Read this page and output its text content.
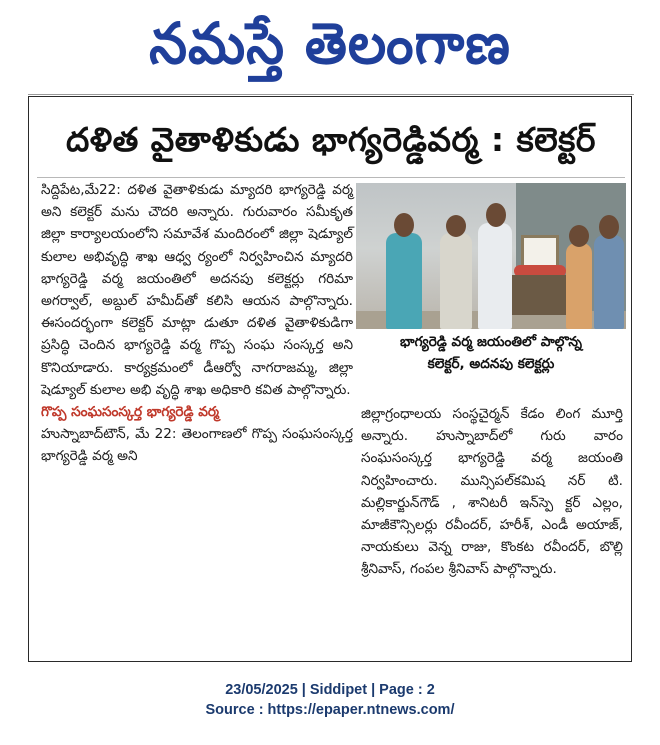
నమస్తే తెలంగాణ
దళిత వైతాళికుడు భాగ్యరెడ్డివర్మ : కలెక్టర్

సిద్దిపేట,మే22: దళిత వైతాళికుడు మ్యాదరి భాగ్యరెడ్డి వర్మ అని కలెక్టర్ మను చౌదరి అన్నారు. గురువారం సమీకృత జిల్లా కార్యాలయంలోని సమావేశ మందిరంలో జిల్లా షెడ్యూల్ కులాల అభివృద్ధి శాఖ ఆధ్వ ర్యంలో నిర్వహించిన మ్యాదరి భాగ్యరెడ్డి వర్మ జయంతిలో అదనపు కలెక్టర్లు గరిమా అగర్వాల్, అబ్దుల్ హమీద్‌తో కలిసి ఆయన పాల్గొన్నారు. ఈసందర్భంగా కలెక్టర్ మాట్లా డుతూ దళిత వైతాళికుడిగా ప్రసిద్ధి చెందిన భాగ్యరెడ్డి వర్మ గొప్ప సంఘ సంస్కర్త అని కొనియాడారు. కార్యక్రమంలో డీఆర్వో నాగరాజమ్మ, జిల్లా షెడ్యూల్ కులాల అభి వృద్ధి శాఖ అధికారి కవిత పాల్గొన్నారు.

గొప్ప సంఘసంస్కర్త భాగ్యరెడ్డి వర్మ

హుస్నాబాద్‌టౌన్, మే 22: తెలంగాణలో గొప్ప సంఘసంస్కర్త భాగ్యరెడ్డి వర్మ అని

భాగ్యరెడ్డి వర్మ జయంతిలో పాల్గొన్న

కలెక్టర్, అదనపు కలెక్టర్లు

జిల్లాగ్రంధాలయ సంస్థచైర్మన్ కేడం లింగ మూర్తి అన్నారు. హుస్నాబాద్‌లో గురు వారం సంఘసంస్కర్త భాగ్యరెడ్డి వర్మ జయంతి నిర్వహించారు. మున్సిపల్‌కమిష నర్ టి. మల్లికార్జున్‌గౌడ్ , శానిటరీ ఇన్‌స్పె క్టర్ ఎల్లం, మాజీకౌన్సిలర్లు రవీందర్, హరీశ్, ఎండీ అయాజ్, నాయకులు వెన్న రాజు, కొంకట రవీందర్, బొల్లి శ్రీనివాస్, గంపల శ్రీనివాస్ పాల్గొన్నారు.

23/05/2025 | Siddipet | Page : 2

Source : https://epaper.ntnews.com/
